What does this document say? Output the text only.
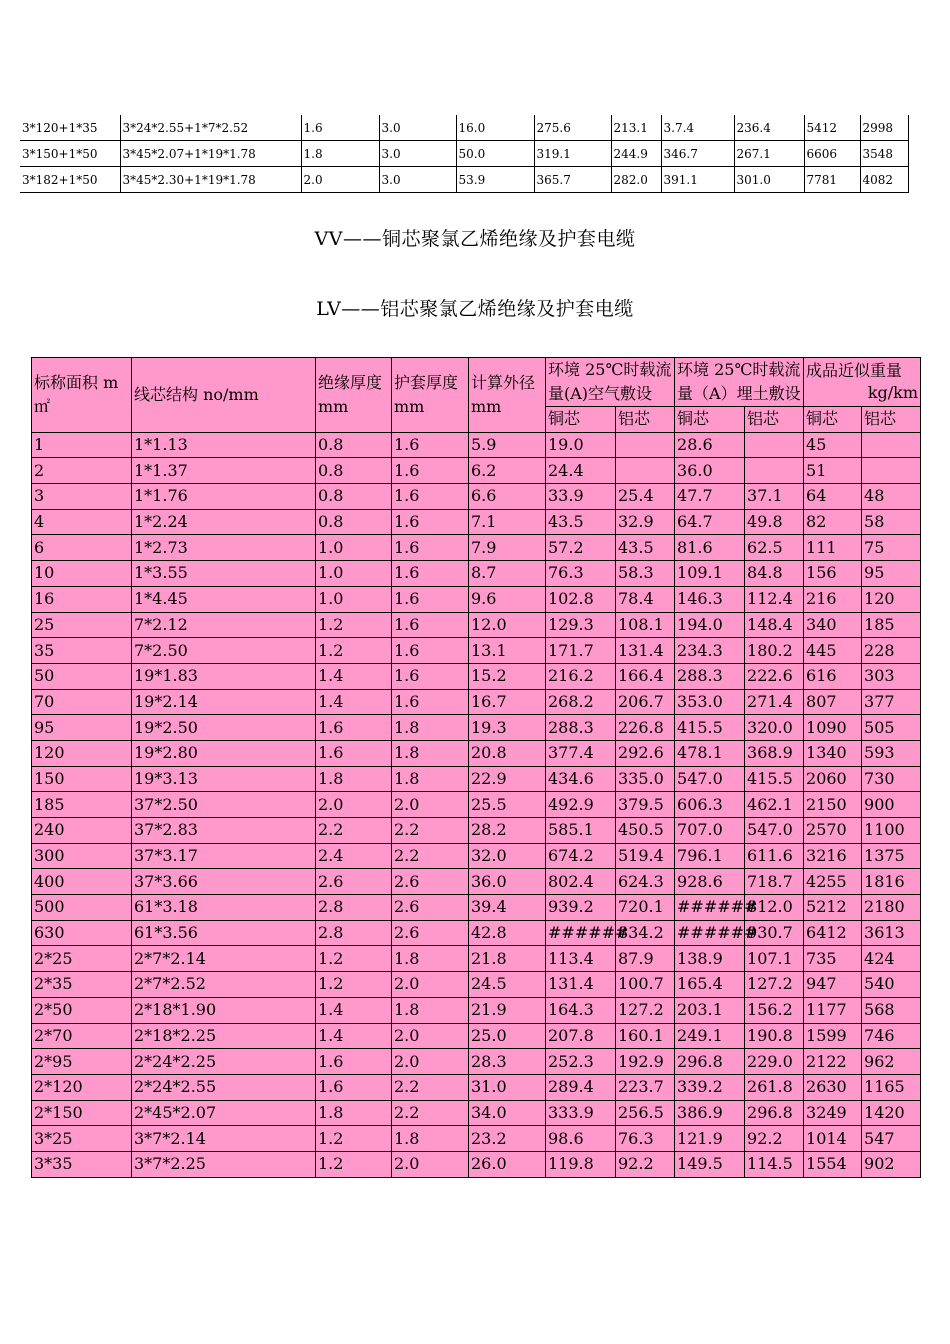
3*120+1*35	3*24*2.55+1*7*2.52	1.6	3.0	16.0	275.6	213.1	3.7.4	236.4	5412	2998
3*150+1*50	3*45*2.07+1*19*1.78	1.8	3.0	50.0	319.1	244.9	346.7	267.1	6606	3548
3*182+1*50	3*45*2.30+1*19*1.78	2.0	3.0	53.9	365.7	282.0	391.1	301.0	7781	4082
VV——铜芯聚氯乙烯绝缘及护套电缆
LV——铝芯聚氯乙烯绝缘及护套电缆
标称面积 m㎡	线芯结构 no/mm	绝缘厚度 mm	护套厚度 mm	计算外径 mm	环境 25℃时载流量(A)空气敷设		环境 25℃时载流量（A）埋土敷设		成品近似重量
kg/km	

					铜芯	铝芯	铜芯	铝芯	铜芯	铝芯
1	1*1.13	0.8	1.6	5.9	19.0		28.6		45	
2	1*1.37	0.8	1.6	6.2	24.4		36.0		51	
3	1*1.76	0.8	1.6	6.6	33.9	25.4	47.7	37.1	64	48
4	1*2.24	0.8	1.6	7.1	43.5	32.9	64.7	49.8	82	58
6	1*2.73	1.0	1.6	7.9	57.2	43.5	81.6	62.5	111	75
10	1*3.55	1.0	1.6	8.7	76.3	58.3	109.1	84.8	156	95
16	1*4.45	1.0	1.6	9.6	102.8	78.4	146.3	112.4	216	120
25	7*2.12	1.2	1.6	12.0	129.3	108.1	194.0	148.4	340	185
35	7*2.50	1.2	1.6	13.1	171.7	131.4	234.3	180.2	445	228
50	19*1.83	1.4	1.6	15.2	216.2	166.4	288.3	222.6	616	303
70	19*2.14	1.4	1.6	16.7	268.2	206.7	353.0	271.4	807	377
95	19*2.50	1.6	1.8	19.3	288.3	226.8	415.5	320.0	1090	505
120	19*2.80	1.6	1.8	20.8	377.4	292.6	478.1	368.9	1340	593
150	19*3.13	1.8	1.8	22.9	434.6	335.0	547.0	415.5	2060	730
185	37*2.50	2.0	2.0	25.5	492.9	379.5	606.3	462.1	2150	900
240	37*2.83	2.2	2.2	28.2	585.1	450.5	707.0	547.0	2570	1100
300	37*3.17	2.4	2.2	32.0	674.2	519.4	796.1	611.6	3216	1375
400	37*3.66	2.6	2.6	36.0	802.4	624.3	928.6	718.7	4255	1816
500	61*3.18	2.8	2.6	39.4	939.2	720.1	######	812.0	5212	2180
630	61*3.56	2.8	2.6	42.8	######	834.2	######	930.7	6412	3613
2*25	2*7*2.14	1.2	1.8	21.8	113.4	87.9	138.9	107.1	735	424
2*35	2*7*2.52	1.2	2.0	24.5	131.4	100.7	165.4	127.2	947	540
2*50	2*18*1.90	1.4	1.8	21.9	164.3	127.2	203.1	156.2	1177	568
2*70	2*18*2.25	1.4	2.0	25.0	207.8	160.1	249.1	190.8	1599	746
2*95	2*24*2.25	1.6	2.0	28.3	252.3	192.9	296.8	229.0	2122	962
2*120	2*24*2.55	1.6	2.2	31.0	289.4	223.7	339.2	261.8	2630	1165
2*150	2*45*2.07	1.8	2.2	34.0	333.9	256.5	386.9	296.8	3249	1420
3*25	3*7*2.14	1.2	1.8	23.2	98.6	76.3	121.9	92.2	1014	547
3*35	3*7*2.25	1.2	2.0	26.0	119.8	92.2	149.5	114.5	1554	902
